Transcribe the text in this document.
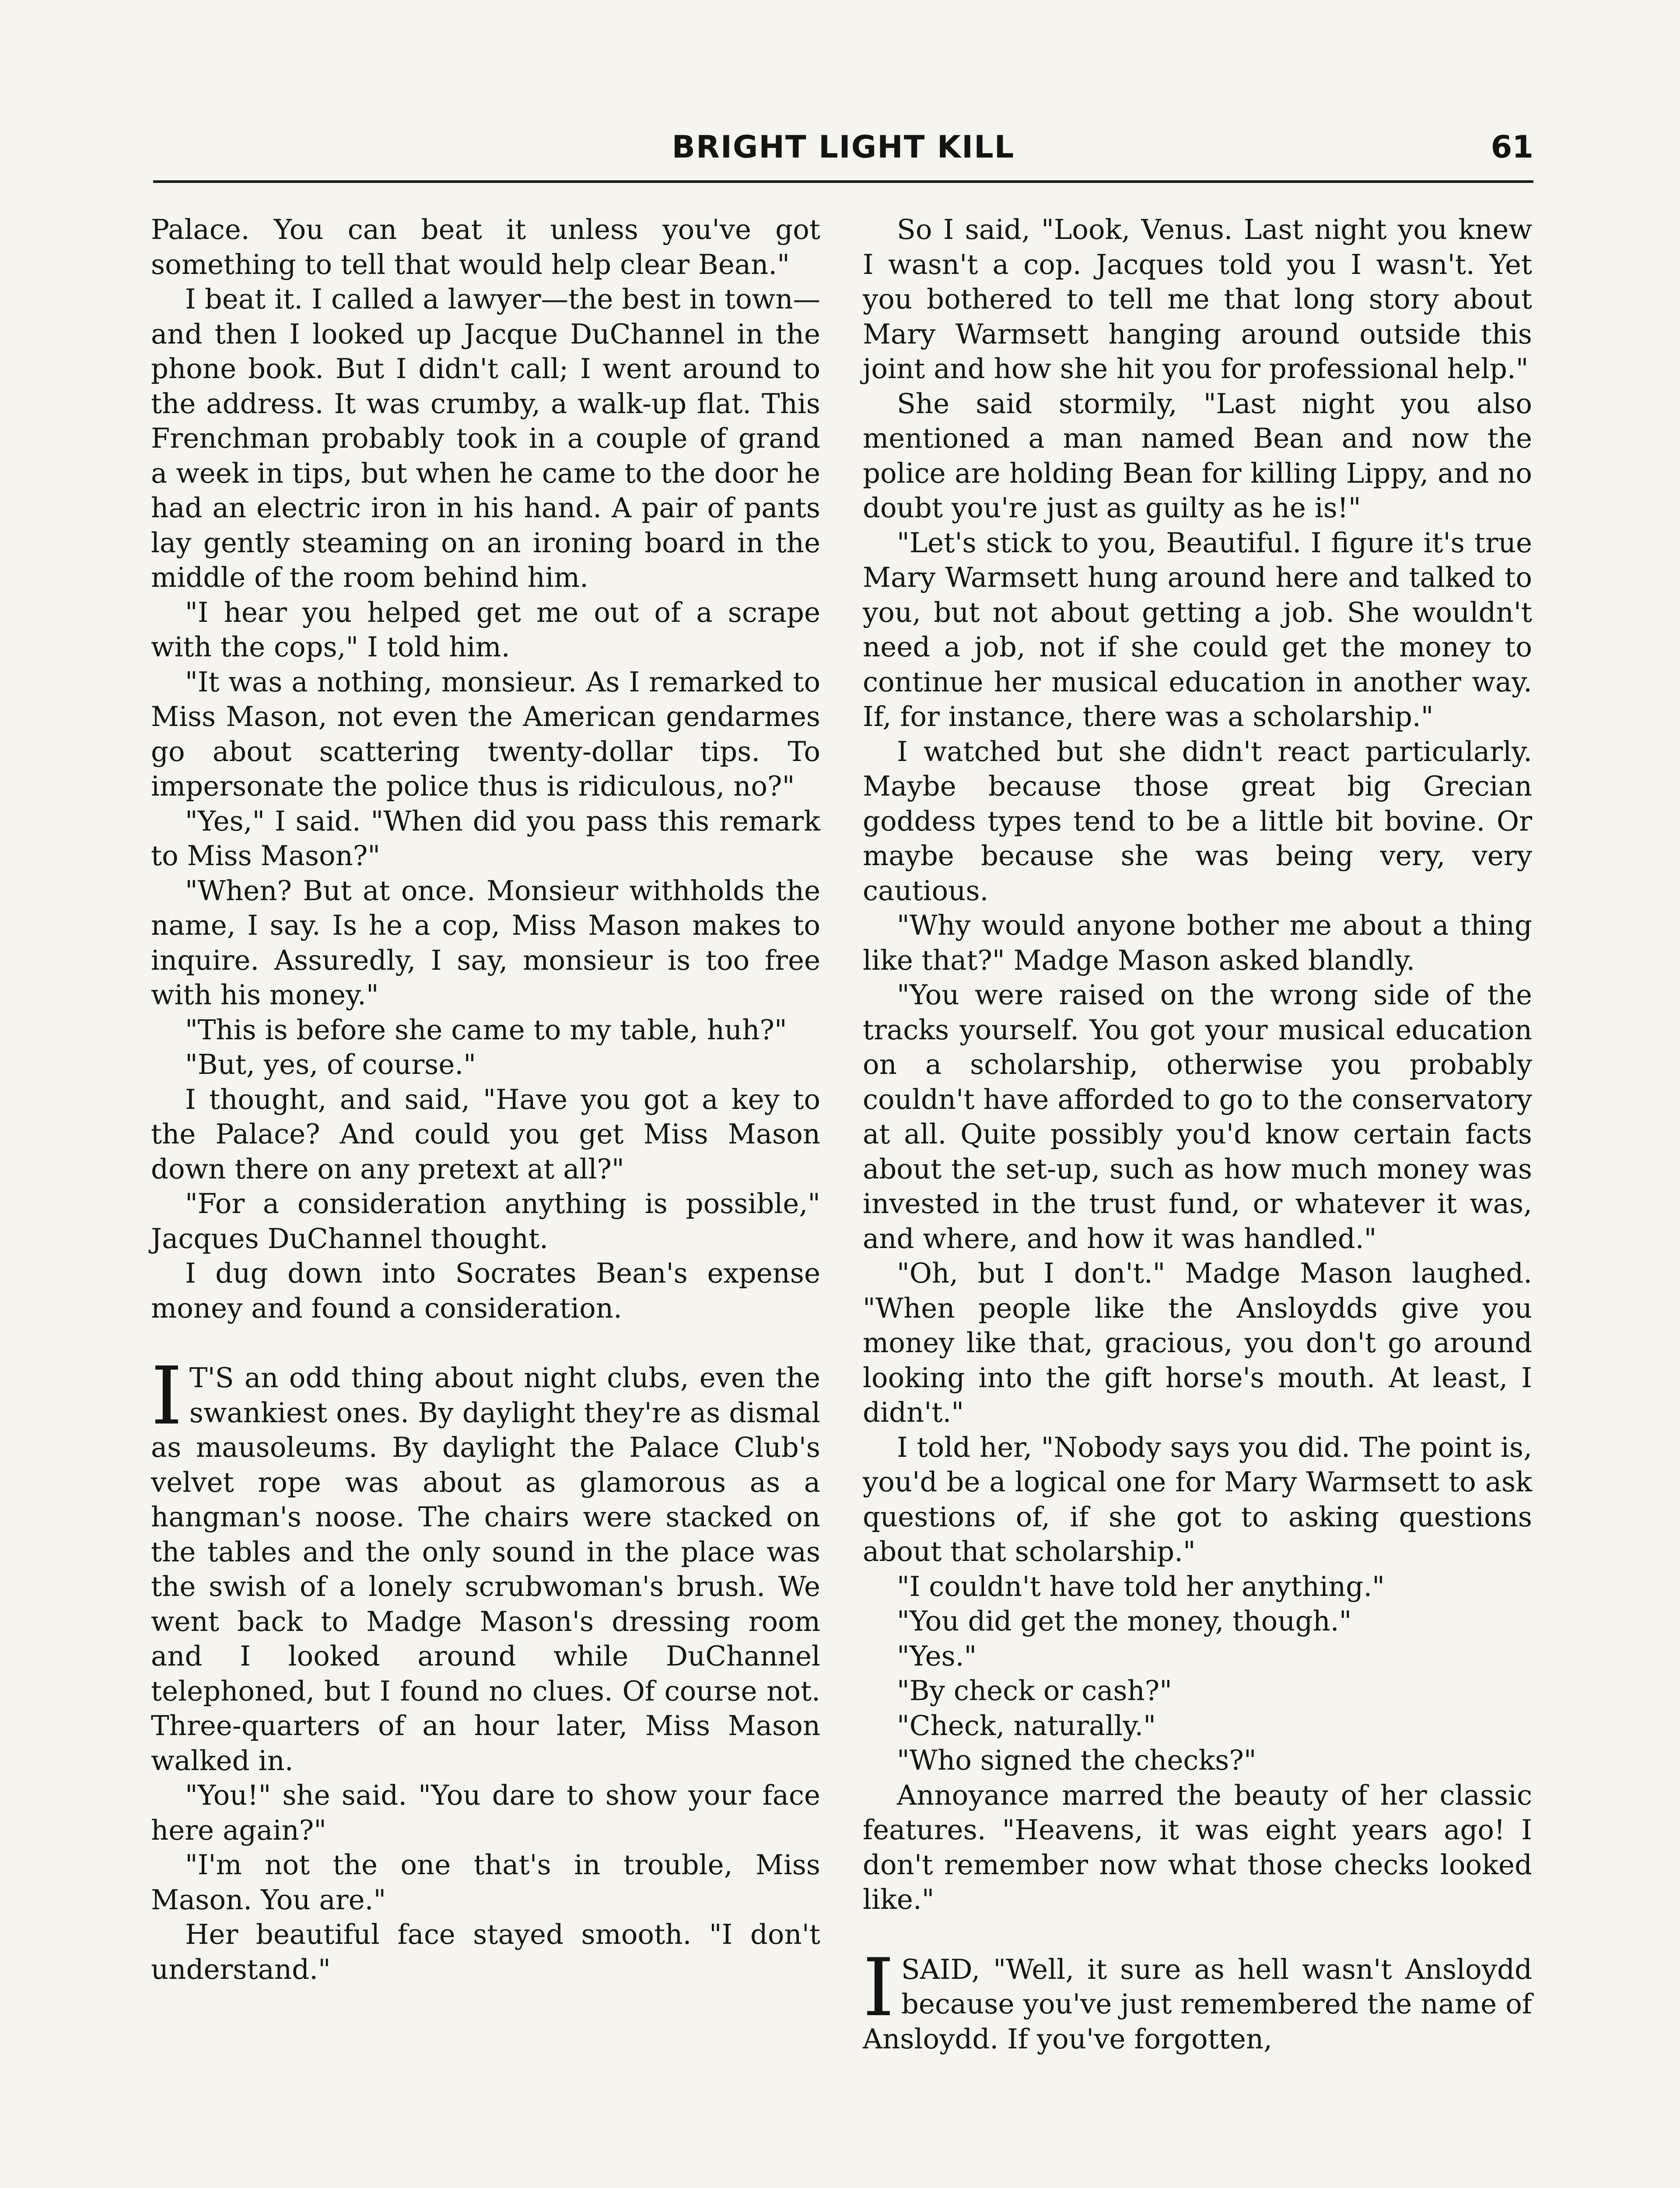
BRIGHT LIGHT KILL	61

Palace. You can beat it unless you've got something to tell that would help clear Bean."

I beat it. I called a lawyer—the best in town—and then I looked up Jacque DuChannel in the phone book. But I didn't call; I went around to the address. It was crumby, a walk-up flat. This Frenchman probably took in a couple of grand a week in tips, but when he came to the door he had an electric iron in his hand. A pair of pants lay gently steaming on an ironing board in the middle of the room behind him.

"I hear you helped get me out of a scrape with the cops," I told him.

"It was a nothing, monsieur. As I remarked to Miss Mason, not even the American gendarmes go about scattering twenty-dollar tips. To impersonate the police thus is ridiculous, no?"

"Yes," I said. "When did you pass this remark to Miss Mason?"

"When? But at once. Monsieur withholds the name, I say. Is he a cop, Miss Mason makes to inquire. Assuredly, I say, monsieur is too free with his money."

"This is before she came to my table, huh?"

"But, yes, of course."

I thought, and said, "Have you got a key to the Palace? And could you get Miss Mason down there on any pretext at all?"

"For a consideration anything is possible," Jacques DuChannel thought.

I dug down into Socrates Bean's expense money and found a consideration.

I T'S an odd thing about night clubs, even the swankiest ones. By daylight they're as dismal as mausoleums. By daylight the Palace Club's velvet rope was about as glamorous as a hangman's noose. The chairs were stacked on the tables and the only sound in the place was the swish of a lonely scrubwoman's brush. We went back to Madge Mason's dressing room and I looked around while DuChannel telephoned, but I found no clues. Of course not. Three-quarters of an hour later, Miss Mason walked in.

"You!" she said. "You dare to show your face here again?"

"I'm not the one that's in trouble, Miss Mason. You are."

Her beautiful face stayed smooth. "I don't understand."

So I said, "Look, Venus. Last night you knew I wasn't a cop. Jacques told you I wasn't. Yet you bothered to tell me that long story about Mary Warmsett hanging around outside this joint and how she hit you for professional help."

She said stormily, "Last night you also mentioned a man named Bean and now the police are holding Bean for killing Lippy, and no doubt you're just as guilty as he is!"

"Let's stick to you, Beautiful. I figure it's true Mary Warmsett hung around here and talked to you, but not about getting a job. She wouldn't need a job, not if she could get the money to continue her musical education in another way. If, for instance, there was a scholarship."

I watched but she didn't react particularly. Maybe because those great big Grecian goddess types tend to be a little bit bovine. Or maybe because she was being very, very cautious.

"Why would anyone bother me about a thing like that?" Madge Mason asked blandly.

"You were raised on the wrong side of the tracks yourself. You got your musical education on a scholarship, otherwise you probably couldn't have afforded to go to the conservatory at all. Quite possibly you'd know certain facts about the set-up, such as how much money was invested in the trust fund, or whatever it was, and where, and how it was handled."

"Oh, but I don't." Madge Mason laughed. "When people like the Ansloydds give you money like that, gracious, you don't go around looking into the gift horse's mouth. At least, I didn't."

I told her, "Nobody says you did. The point is, you'd be a logical one for Mary Warmsett to ask questions of, if she got to asking questions about that scholarship."

"I couldn't have told her anything."

"You did get the money, though."

"Yes."

"By check or cash?"

"Check, naturally."

"Who signed the checks?"

Annoyance marred the beauty of her classic features. "Heavens, it was eight years ago! I don't remember now what those checks looked like."

I SAID, "Well, it sure as hell wasn't Ansloydd because you've just remembered the name of Ansloydd. If you've forgotten,
